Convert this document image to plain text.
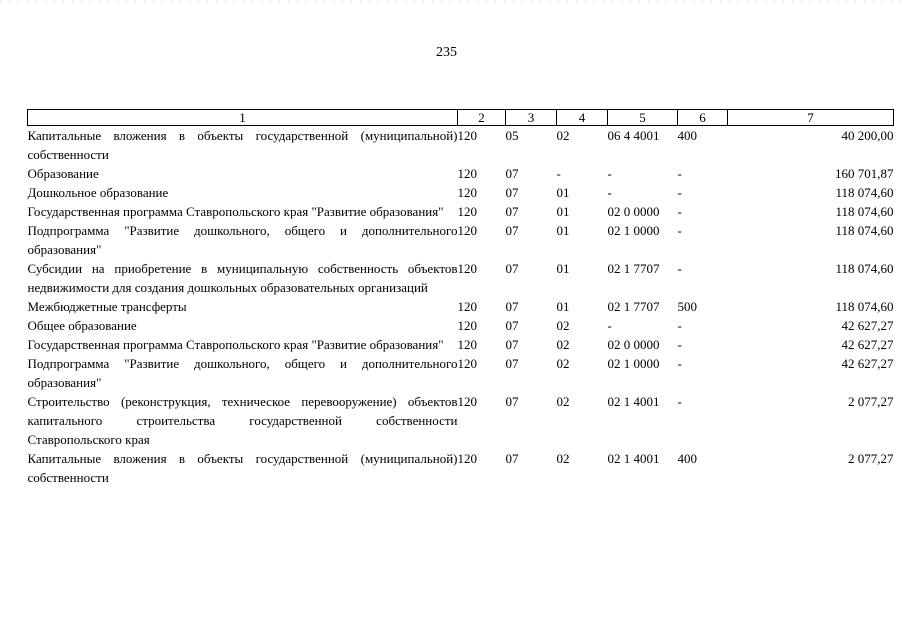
235
1	2	3	4	5	6	7
Капитальные вложения в объекты государственной (муниципальной) собственности	120	05	02	06 4 4001	400	40 200,00
Образование	120	07	-	-	-	160 701,87
Дошкольное образование	120	07	01	-	-	118 074,60
Государственная программа Ставропольского края "Развитие образования"	120	07	01	02 0 0000	-	118 074,60
Подпрограмма "Развитие дошкольного, общего и дополнительного образования"	120	07	01	02 1 0000	-	118 074,60
Субсидии на приобретение в муниципальную собственность объектов недвижимости для создания дошкольных образовательных организаций	120	07	01	02 1 7707	-	118 074,60
Межбюджетные трансферты	120	07	01	02 1 7707	500	118 074,60
Общее образование	120	07	02	-	-	42 627,27
Государственная программа Ставропольского края "Развитие образования"	120	07	02	02 0 0000	-	42 627,27
Подпрограмма "Развитие дошкольного, общего и дополнительного образования"	120	07	02	02 1 0000	-	42 627,27
Строительство (реконструкция, техническое перевооружение) объектов капитального строительства государственной собственности Ставропольского края	120	07	02	02 1 4001	-	2 077,27
Капитальные вложения в объекты государственной (муниципальной) собственности	120	07	02	02 1 4001	400	2 077,27
